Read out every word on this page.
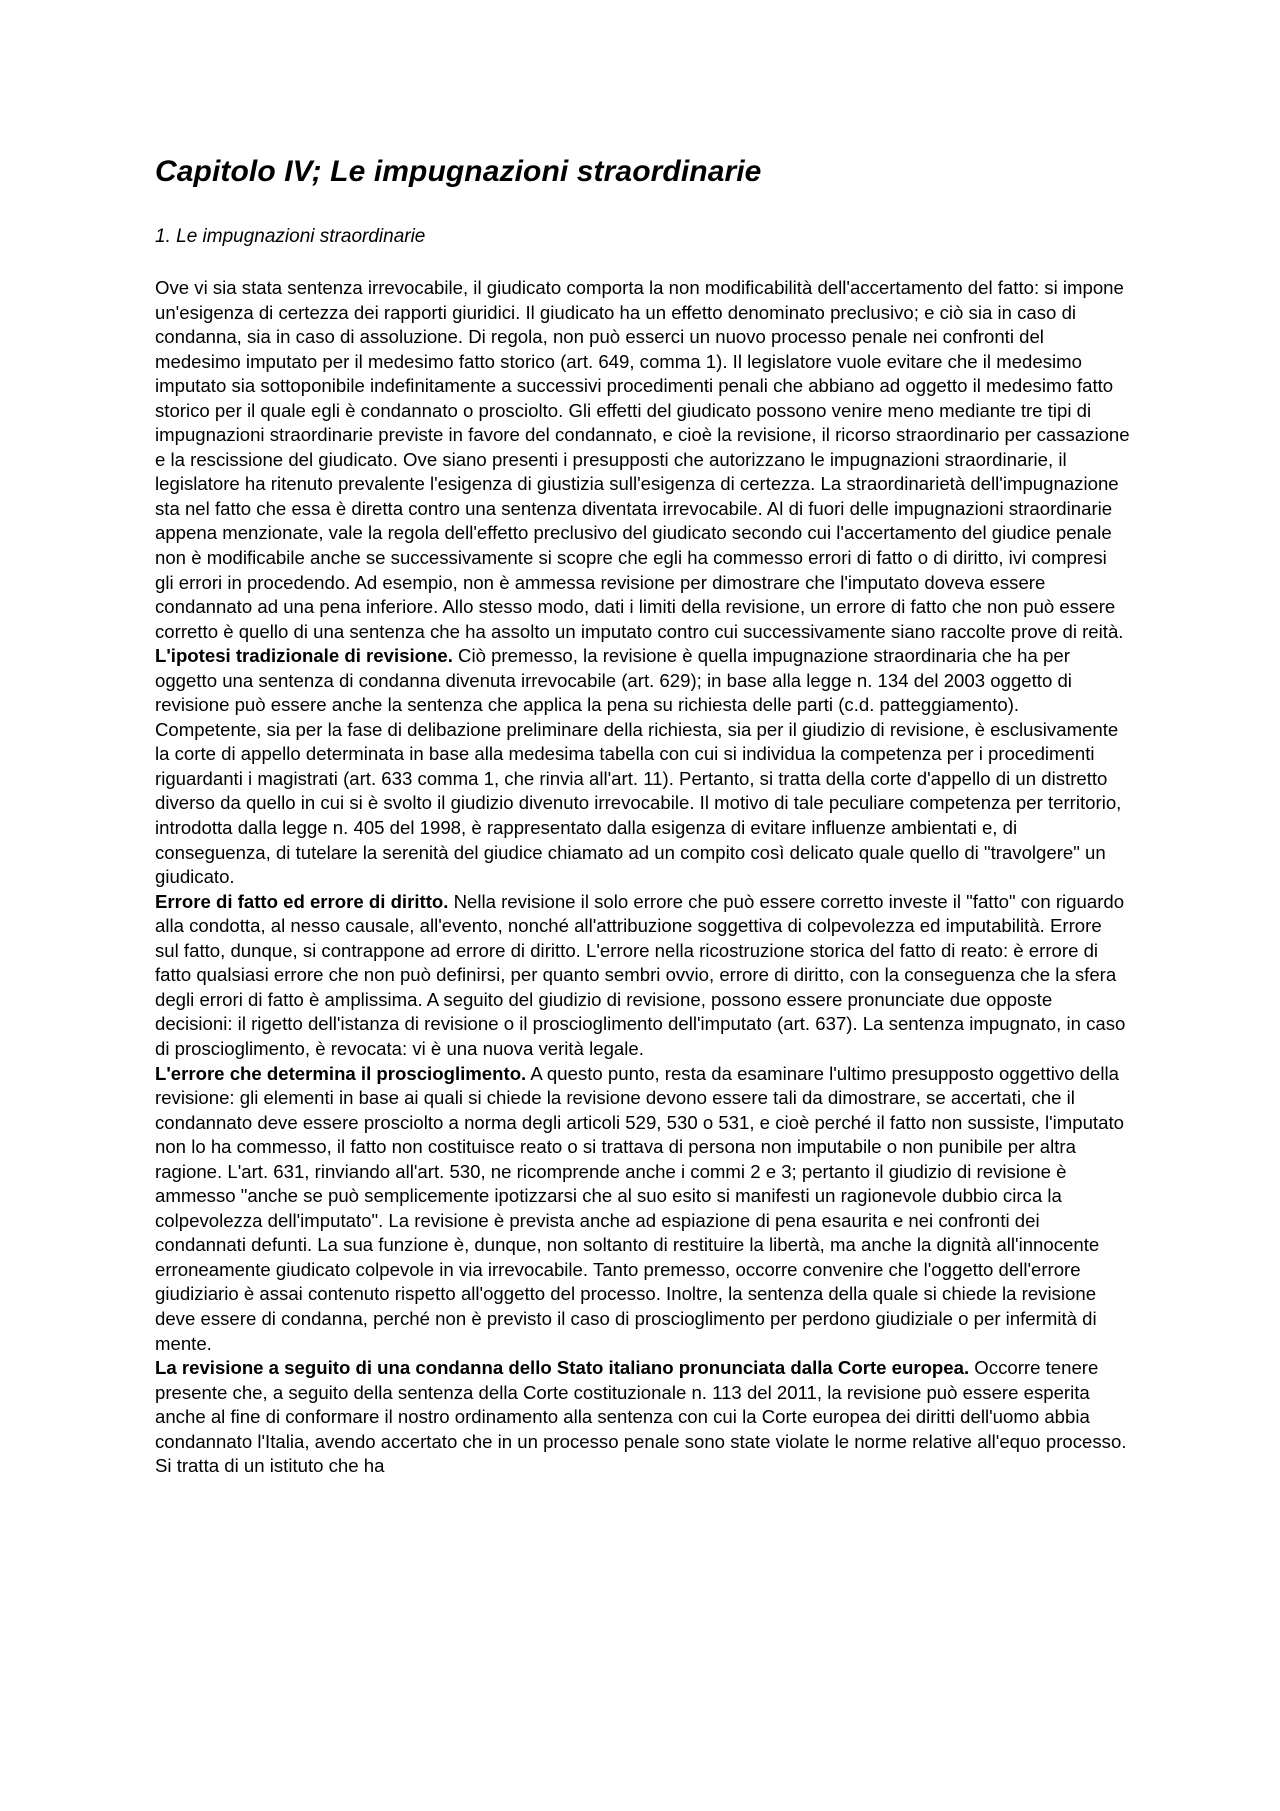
Capitolo IV; Le impugnazioni straordinarie
1. Le impugnazioni straordinarie

Ove vi sia stata sentenza irrevocabile, il giudicato comporta la non modificabilità dell'accertamento del fatto: si impone un'esigenza di certezza dei rapporti giuridici. Il giudicato ha un effetto denominato preclusivo; e ciò sia in caso di condanna, sia in caso di assoluzione. Di regola, non può esserci un nuovo processo penale nei confronti del medesimo imputato per il medesimo fatto storico (art. 649, comma 1). Il legislatore vuole evitare che il medesimo imputato sia sottoponibile indefinitamente a successivi procedimenti penali che abbiano ad oggetto il medesimo fatto storico per il quale egli è condannato o prosciolto. Gli effetti del giudicato possono venire meno mediante tre tipi di impugnazioni straordinarie previste in favore del condannato, e cioè la revisione, il ricorso straordinario per cassazione e la rescissione del giudicato. Ove siano presenti i presupposti che autorizzano le impugnazioni straordinarie, il legislatore ha ritenuto prevalente l'esigenza di giustizia sull'esigenza di certezza. La straordinarietà dell'impugnazione sta nel fatto che essa è diretta contro una sentenza diventata irrevocabile. Al di fuori delle impugnazioni straordinarie appena menzionate, vale la regola dell'effetto preclusivo del giudicato secondo cui l'accertamento del giudice penale non è modificabile anche se successivamente si scopre che egli ha commesso errori di fatto o di diritto, ivi compresi gli errori in procedendo. Ad esempio, non è ammessa revisione per dimostrare che l'imputato doveva essere condannato ad una pena inferiore. Allo stesso modo, dati i limiti della revisione, un errore di fatto che non può essere corretto è quello di una sentenza che ha assolto un imputato contro cui successivamente siano raccolte prove di reità.

L'ipotesi tradizionale di revisione. Ciò premesso, la revisione è quella impugnazione straordinaria che ha per oggetto una sentenza di condanna divenuta irrevocabile (art. 629); in base alla legge n. 134 del 2003 oggetto di revisione può essere anche la sentenza che applica la pena su richiesta delle parti (c.d. patteggiamento). Competente, sia per la fase di delibazione preliminare della richiesta, sia per il giudizio di revisione, è esclusivamente la corte di appello determinata in base alla medesima tabella con cui si individua la competenza per i procedimenti riguardanti i magistrati (art. 633 comma 1, che rinvia all'art. 11). Pertanto, si tratta della corte d'appello di un distretto diverso da quello in cui si è svolto il giudizio divenuto irrevocabile. Il motivo di tale peculiare competenza per territorio, introdotta dalla legge n. 405 del 1998, è rappresentato dalla esigenza di evitare influenze ambientati e, di conseguenza, di tutelare la serenità del giudice chiamato ad un compito così delicato quale quello di "travolgere" un giudicato.

Errore di fatto ed errore di diritto. Nella revisione il solo errore che può essere corretto investe il "fatto" con riguardo alla condotta, al nesso causale, all'evento, nonché all'attribuzione soggettiva di colpevolezza ed imputabilità. Errore sul fatto, dunque, si contrappone ad errore di diritto. L'errore nella ricostruzione storica del fatto di reato: è errore di fatto qualsiasi errore che non può definirsi, per quanto sembri ovvio, errore di diritto, con la conseguenza che la sfera degli errori di fatto è amplissima. A seguito del giudizio di revisione, possono essere pronunciate due opposte decisioni: il rigetto dell'istanza di revisione o il proscioglimento dell'imputato (art. 637). La sentenza impugnato, in caso di proscioglimento, è revocata: vi è una nuova verità legale.

L'errore che determina il proscioglimento. A questo punto, resta da esaminare l'ultimo presupposto oggettivo della revisione: gli elementi in base ai quali si chiede la revisione devono essere tali da dimostrare, se accertati, che il condannato deve essere prosciolto a norma degli articoli 529, 530 o 531, e cioè perché il fatto non sussiste, l'imputato non lo ha commesso, il fatto non costituisce reato o si trattava di persona non imputabile o non punibile per altra ragione. L'art. 631, rinviando all'art. 530, ne ricomprende anche i commi 2 e 3; pertanto il giudizio di revisione è ammesso "anche se può semplicemente ipotizzarsi che al suo esito si manifesti un ragionevole dubbio circa la colpevolezza dell'imputato". La revisione è prevista anche ad espiazione di pena esaurita e nei confronti dei condannati defunti. La sua funzione è, dunque, non soltanto di restituire la libertà, ma anche la dignità all'innocente erroneamente giudicato colpevole in via irrevocabile. Tanto premesso, occorre convenire che l'oggetto dell'errore giudiziario è assai contenuto rispetto all'oggetto del processo. Inoltre, la sentenza della quale si chiede la revisione deve essere di condanna, perché non è previsto il caso di proscioglimento per perdono giudiziale o per infermità di mente.

La revisione a seguito di una condanna dello Stato italiano pronunciata dalla Corte europea. Occorre tenere presente che, a seguito della sentenza della Corte costituzionale n. 113 del 2011, la revisione può essere esperita anche al fine di conformare il nostro ordinamento alla sentenza con cui la Corte europea dei diritti dell'uomo abbia condannato l'Italia, avendo accertato che in un processo penale sono state violate le norme relative all'equo processo. Si tratta di un istituto che ha
